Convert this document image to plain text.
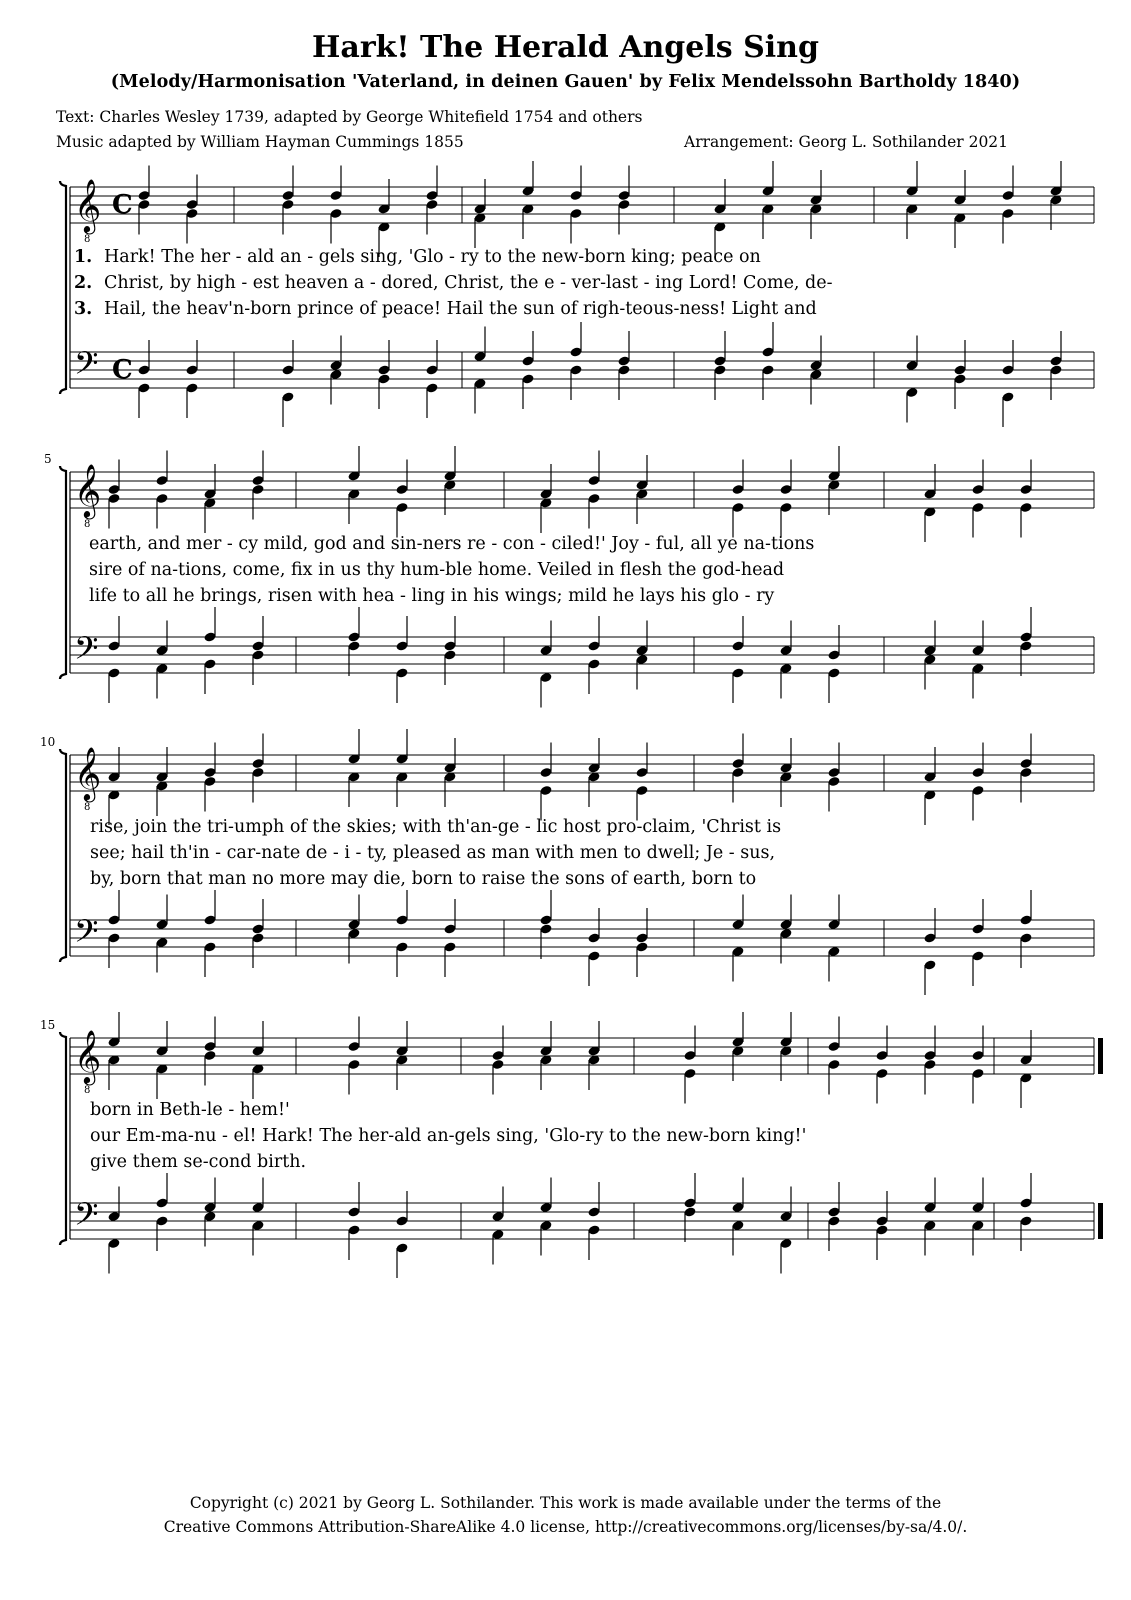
Hark! The Herald Angels Sing
(Melody/Harmonisation 'Vaterland, in deinen Gauen' by Felix Mendelssohn Bartholdy 1840)
Text: Charles Wesley 1739, adapted by George Whitefield 1754 and others
Music adapted by William Hayman Cummings 1855	Arrangement: Georg L. Sothilander 2021
𝄞
8
𝄢
C
C
1. Hark! The her - ald an - gels sing, 'Glo - ry to the new-born king; peace on
2. Christ, by high - est heaven a - dored, Christ, the e - ver-last - ing Lord! Come, de-
3. Hail, the heav'n-born prince of peace! Hail the sun of righ-teous-ness! Light and
𝄞
8
𝄢
5
earth, and mer - cy mild, god and sin-ners re - con - ciled!' Joy - ful, all ye na-tions
sire of na-tions, come, fix in us thy hum-ble home. Veiled in flesh the god-head
life to all he brings, risen with hea - ling in his wings; mild he lays his glo - ry
𝄞
8
𝄢
10
rise, join the tri-umph of the skies; with th'an-ge - lic host pro-claim, 'Christ is
see; hail th'in - car-nate de - i - ty, pleased as man with men to dwell; Je - sus,
by, born that man no more may die, born to raise the sons of earth, born to
𝄞
8
𝄢
15
born in Beth-le - hem!'
our Em-ma-nu - el! Hark! The her-ald an-gels sing, 'Glo-ry to the new-born king!'
give them se-cond birth.
Copyright (c) 2021 by Georg L. Sothilander. This work is made available under the terms of the
Creative Commons Attribution-ShareAlike 4.0 license, http://creativecommons.org/licenses/by-sa/4.0/.
